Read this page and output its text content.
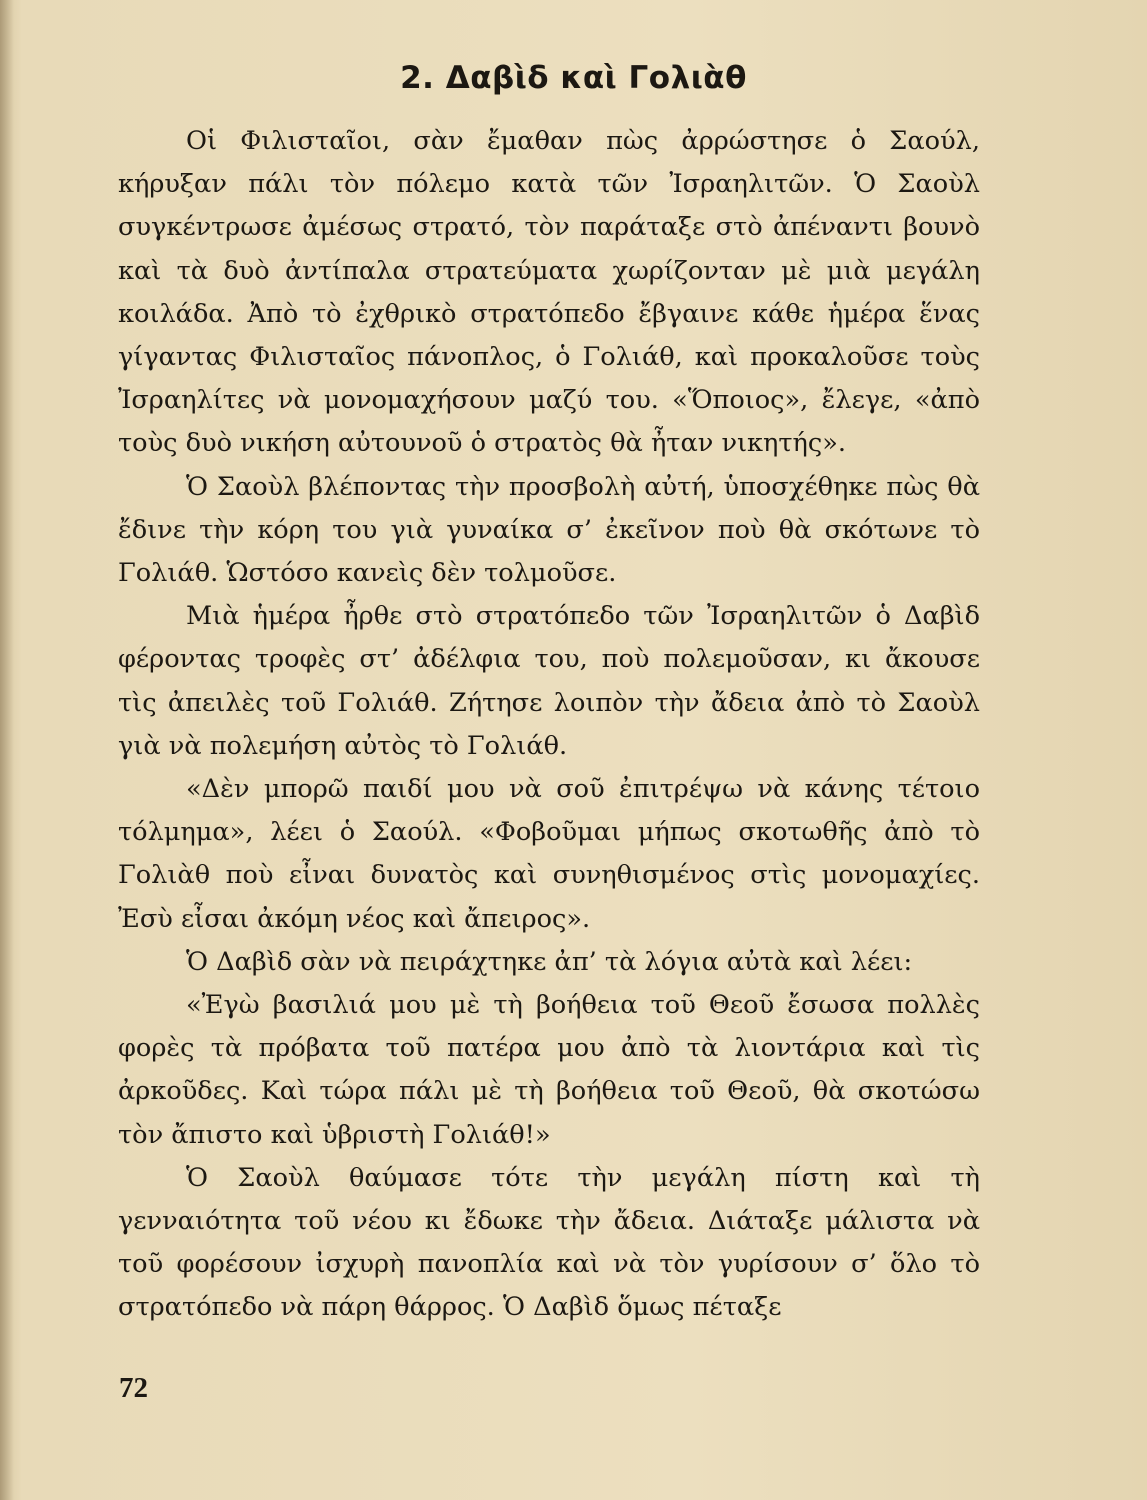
2. Δαβὶδ καὶ Γολιὰθ

Οἱ Φιλισταῖοι, σὰν ἔμαθαν πὼς ἀρρώστησε ὁ Σαούλ, κήρυξαν πάλι τὸν πόλεμο κατὰ τῶν Ἰσραηλιτῶν. Ὁ Σαοὺλ συγκέντρωσε ἀμέσως στρατό, τὸν παράταξε στὸ ἀπέναντι βουνὸ καὶ τὰ δυὸ ἀντίπαλα στρατεύματα χωρίζονταν μὲ μιὰ μεγάλη κοιλάδα. Ἀπὸ τὸ ἐχθρικὸ στρατόπεδο ἔβγαινε κάθε ἡμέρα ἕνας γίγαντας Φιλισταῖος πάνοπλος, ὁ Γολιάθ, καὶ προκαλοῦσε τοὺς Ἰσραηλίτες νὰ μονομαχήσουν μαζύ του. «Ὅποιος», ἔλεγε, «ἀπὸ τοὺς δυὸ νικήση αὐτουνοῦ ὁ στρατὸς θὰ ἦταν νικητής».

Ὁ Σαοὺλ βλέποντας τὴν προσβολὴ αὐτή, ὑποσχέθηκε πὼς θὰ ἔδινε τὴν κόρη του γιὰ γυναίκα σ’ ἐκεῖνον ποὺ θὰ σκότωνε τὸ Γολιάθ. Ὡστόσο κανεὶς δὲν τολμοῦσε.

Μιὰ ἡμέρα ἦρθε στὸ στρατόπεδο τῶν Ἰσραηλιτῶν ὁ Δαβὶδ φέροντας τροφὲς στ’ ἀδέλφια του, ποὺ πολεμοῦσαν, κι ἄκουσε τὶς ἀπειλὲς τοῦ Γολιάθ. Ζήτησε λοιπὸν τὴν ἄδεια ἀπὸ τὸ Σαοὺλ γιὰ νὰ πολεμήση αὐτὸς τὸ Γολιάθ.

«Δὲν μπορῶ παιδί μου νὰ σοῦ ἐπιτρέψω νὰ κάνης τέτοιο τόλμημα», λέει ὁ Σαούλ. «Φοβοῦμαι μήπως σκοτωθῆς ἀπὸ τὸ Γολιὰθ ποὺ εἶναι δυνατὸς καὶ συνηθισμένος στὶς μονομαχίες. Ἐσὺ εἶσαι ἀκόμη νέος καὶ ἄπειρος».

Ὁ Δαβὶδ σὰν νὰ πειράχτηκε ἀπ’ τὰ λόγια αὐτὰ καὶ λέει:

«Ἐγὼ βασιλιά μου μὲ τὴ βοήθεια τοῦ Θεοῦ ἔσωσα πολλὲς φορὲς τὰ πρόβατα τοῦ πατέρα μου ἀπὸ τὰ λιοντάρια καὶ τὶς ἀρκοῦδες. Καὶ τώρα πάλι μὲ τὴ βοήθεια τοῦ Θεοῦ, θὰ σκοτώσω τὸν ἄπιστο καὶ ὑβριστὴ Γολιάθ!»

Ὁ Σαοὺλ θαύμασε τότε τὴν μεγάλη πίστη καὶ τὴ γενναιότητα τοῦ νέου κι ἔδωκε τὴν ἄδεια. Διάταξε μάλιστα νὰ τοῦ φορέσουν ἰσχυρὴ πανοπλία καὶ νὰ τὸν γυρίσουν σ’ ὅλο τὸ στρατόπεδο νὰ πάρη θάρρος. Ὁ Δαβὶδ ὅμως πέταξε

72
